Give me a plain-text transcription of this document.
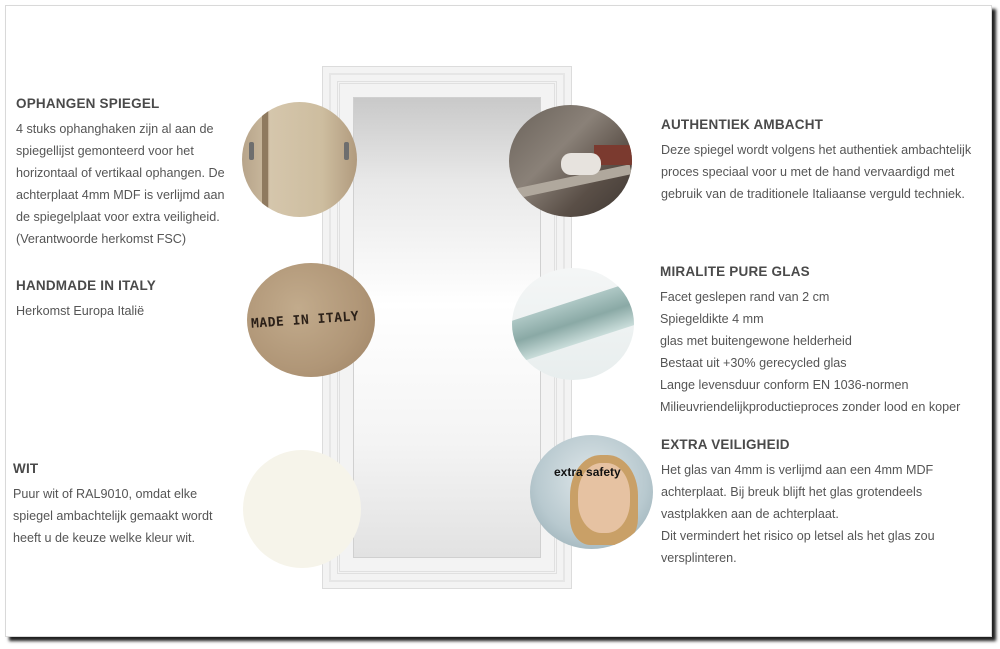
OPHANGEN SPIEGEL

4 stuks ophanghaken zijn al aan de
spiegellijst gemonteerd voor het
horizontaal of vertikaal ophangen. De
achterplaat 4mm MDF is verlijmd aan
de spiegelplaat voor extra veiligheid.
(Verantwoorde herkomst FSC)

HANDMADE IN ITALY

Herkomst Europa Italië

WIT

Puur wit of RAL9010, omdat elke
spiegel ambachtelijk gemaakt wordt
heeft u de keuze welke kleur wit.

AUTHENTIEK AMBACHT

Deze spiegel wordt volgens het authentiek ambachtelijk
proces speciaal voor u met de hand vervaardigd met
gebruik van de traditionele Italiaanse verguld techniek.

MIRALITE PURE GLAS

Facet geslepen rand van 2 cm
Spiegeldikte 4 mm
glas met buitengewone helderheid
Bestaat uit +30% gerecycled glas
Lange levensduur conform EN 1036-normen
Milieuvriendelijkproductieproces zonder lood en koper

EXTRA VEILIGHEID

Het glas van 4mm is verlijmd aan een 4mm MDF
achterplaat. Bij breuk blijft het glas grotendeels
vastplakken aan de achterplaat.
Dit vermindert het risico op letsel als het glas zou
versplinteren.

MADE IN ITALY
extra safety
